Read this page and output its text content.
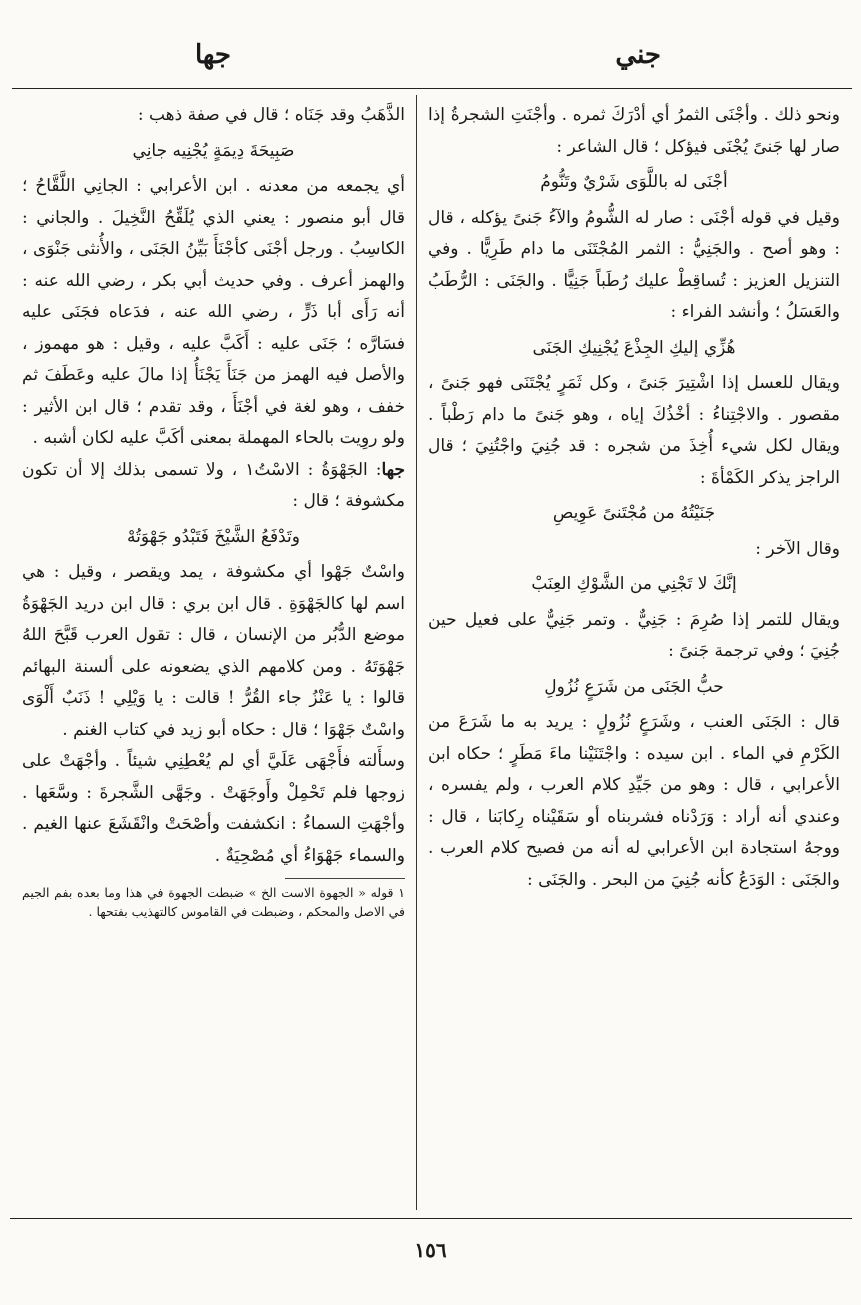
جني
جها

ونحو ذلك . وأجْنَى الثمرُ أي أدْرَكَ ثمره . وأجْنَتِ الشجرةُ إذا صار لها جَنىً يُجْنَى فيؤكل ؛ قال الشاعر :

أجْنَى له باللَّوَى شَرْيٌ وتَنُّومُ

وقيل في قوله أجْنَى : صار له الشُّومُ والآءُ جَنىً يؤكله ، قال : وهو أصح . والجَنِيُّ : الثمر المُجْتَنَى ما دام طَرِيًّا . وفي التنزيل العزيز : تُساقِطْ عليك رُطَباً جَنِيًّا . والجَنَى : الرُّطَبُ والعَسَلُ ؛ وأنشد الفراء :

هُزِّي إليكِ الجِذْعَ يُجْنِيكِ الجَنَى

ويقال للعسل إذا اشْتِيرَ جَنىً ، وكل ثَمَرٍ يُجْتَنَى فهو جَنىً ، مقصور . والاجْتِناءُ : أخْذُكَ إياه ، وهو جَنىً ما دام رَطْباً . ويقال لكل شيء أُخِذَ من شجره : قد جُنِيَ واجْتُنِيَ ؛ قال الراجز يذكر الكَمْأةَ :

جَنَيْتُهُ من مُجْتَنىً عَوِيصِ

وقال الآخر :

إنَّكَ لا تَجْنِي من الشَّوْكِ العِنَبْ

ويقال للتمر إذا صُرِمَ : جَنِيٌّ . وتمر جَنِيٌّ على فعيل حين جُنِيَ ؛ وفي ترجمة جَنىً :

حبُّ الجَنَى من شَرَعٍ نُزُولِ

قال : الجَنَى العنب ، وشَرَعٍ نُزُولٍ : يريد به ما شَرَعَ من الكَرْمِ في الماء . ابن سيده : واجْتَنَيْنا ماءَ مَطَرٍ ؛ حكاه ابن الأعرابي ، قال : وهو من جَيِّدِ كلام العرب ، ولم يفسره ، وعندي أنه أراد : وَرَدْناه فشربناه أو سَقَيْناه رِكابَنا ، قال : ووجهُ استجادة ابن الأعرابي له أنه من فصيح كلام العرب . والجَنَى : الوَدَعُ كأنه جُنِيَ من البحر . والجَنَى :

الذَّهَبُ وقد جَنَاه ؛ قال في صفة ذهب :

صَبِيحَةَ دِيمَةٍ يُجْنِيه جانِي

أي يجمعه من معدنه . ابن الأعرابي : الجانِي اللَّقَّاحُ ؛ قال أبو منصور : يعني الذي يُلَقِّحُ النَّخِيلَ . والجاني : الكاسِبُ . ورجل أجْنَى كأجْنَأَ بَيِّنُ الجَنَى ، والأُنثى جَنْوَى ، والهمز أعرف . وفي حديث أبي بكر ، رضي الله عنه : أنه رَأَى أبا ذَرٍّ ، رضي الله عنه ، فدَعاه فجَنَى عليه فسَارَّه ؛ جَنَى عليه : أَكَبَّ عليه ، وقيل : هو مهموز ، والأصل فيه الهمز من جَنَأَ يَجْنَأُ إذا مالَ عليه وعَطَفَ ثم خفف ، وهو لغة في أجْنَأَ ، وقد تقدم ؛ قال ابن الأثير : ولو روِيت بالحاء المهملة بمعنى أكَبَّ عليه لكان أشبه .

جها: الجَهْوَةُ : الاسْتُ١ ، ولا تسمى بذلك إلا أن تكون مكشوفة ؛ قال :

وتَدْفَعُ الشَّيْخَ فَتَبْدُو جَهْوَتُهْ

واسْتٌ جَهْوا أي مكشوفة ، يمد ويقصر ، وقيل : هي اسم لها كالجَهْوَةِ . قال ابن بري : قال ابن دريد الجَهْوَةُ موضع الدُّبُر من الإنسان ، قال : تقول العرب قَبَّحَ اللهُ جَهْوَتَهُ . ومن كلامهم الذي يضعونه على ألسنة البهائم قالوا : يا عَنْزُ جاء القُرُّ ! قالت : يا وَيْلِي ! ذَنَبٌ أَلْوَى واسْتٌ جَهْوَا ؛ قال : حكاه أبو زيد في كتاب الغنم .

وسأَلته فأَجْهَى عَلَيَّ أي لم يُعْطِنِي شيئاً . وأجْهَتْ على زوجها فلم تَحْمِلْ وأَوجَهَتْ . وجَهَّى الشَّجرةَ : وسَّعَها . وأجْهَتِ السماءُ : انكشفت وأصْحَتْ وانْقَشَعَ عنها الغيم . والسماء جَهْوَاءُ أي مُصْحِيَةٌ .

١ قوله « الجهوة الاست الخ » ضبطت الجهوة في هذا وما بعده بفم الجيم في الاصل والمحكم ، وضبطت في القاموس كالتهذيب بفتحها .

١٥٦
